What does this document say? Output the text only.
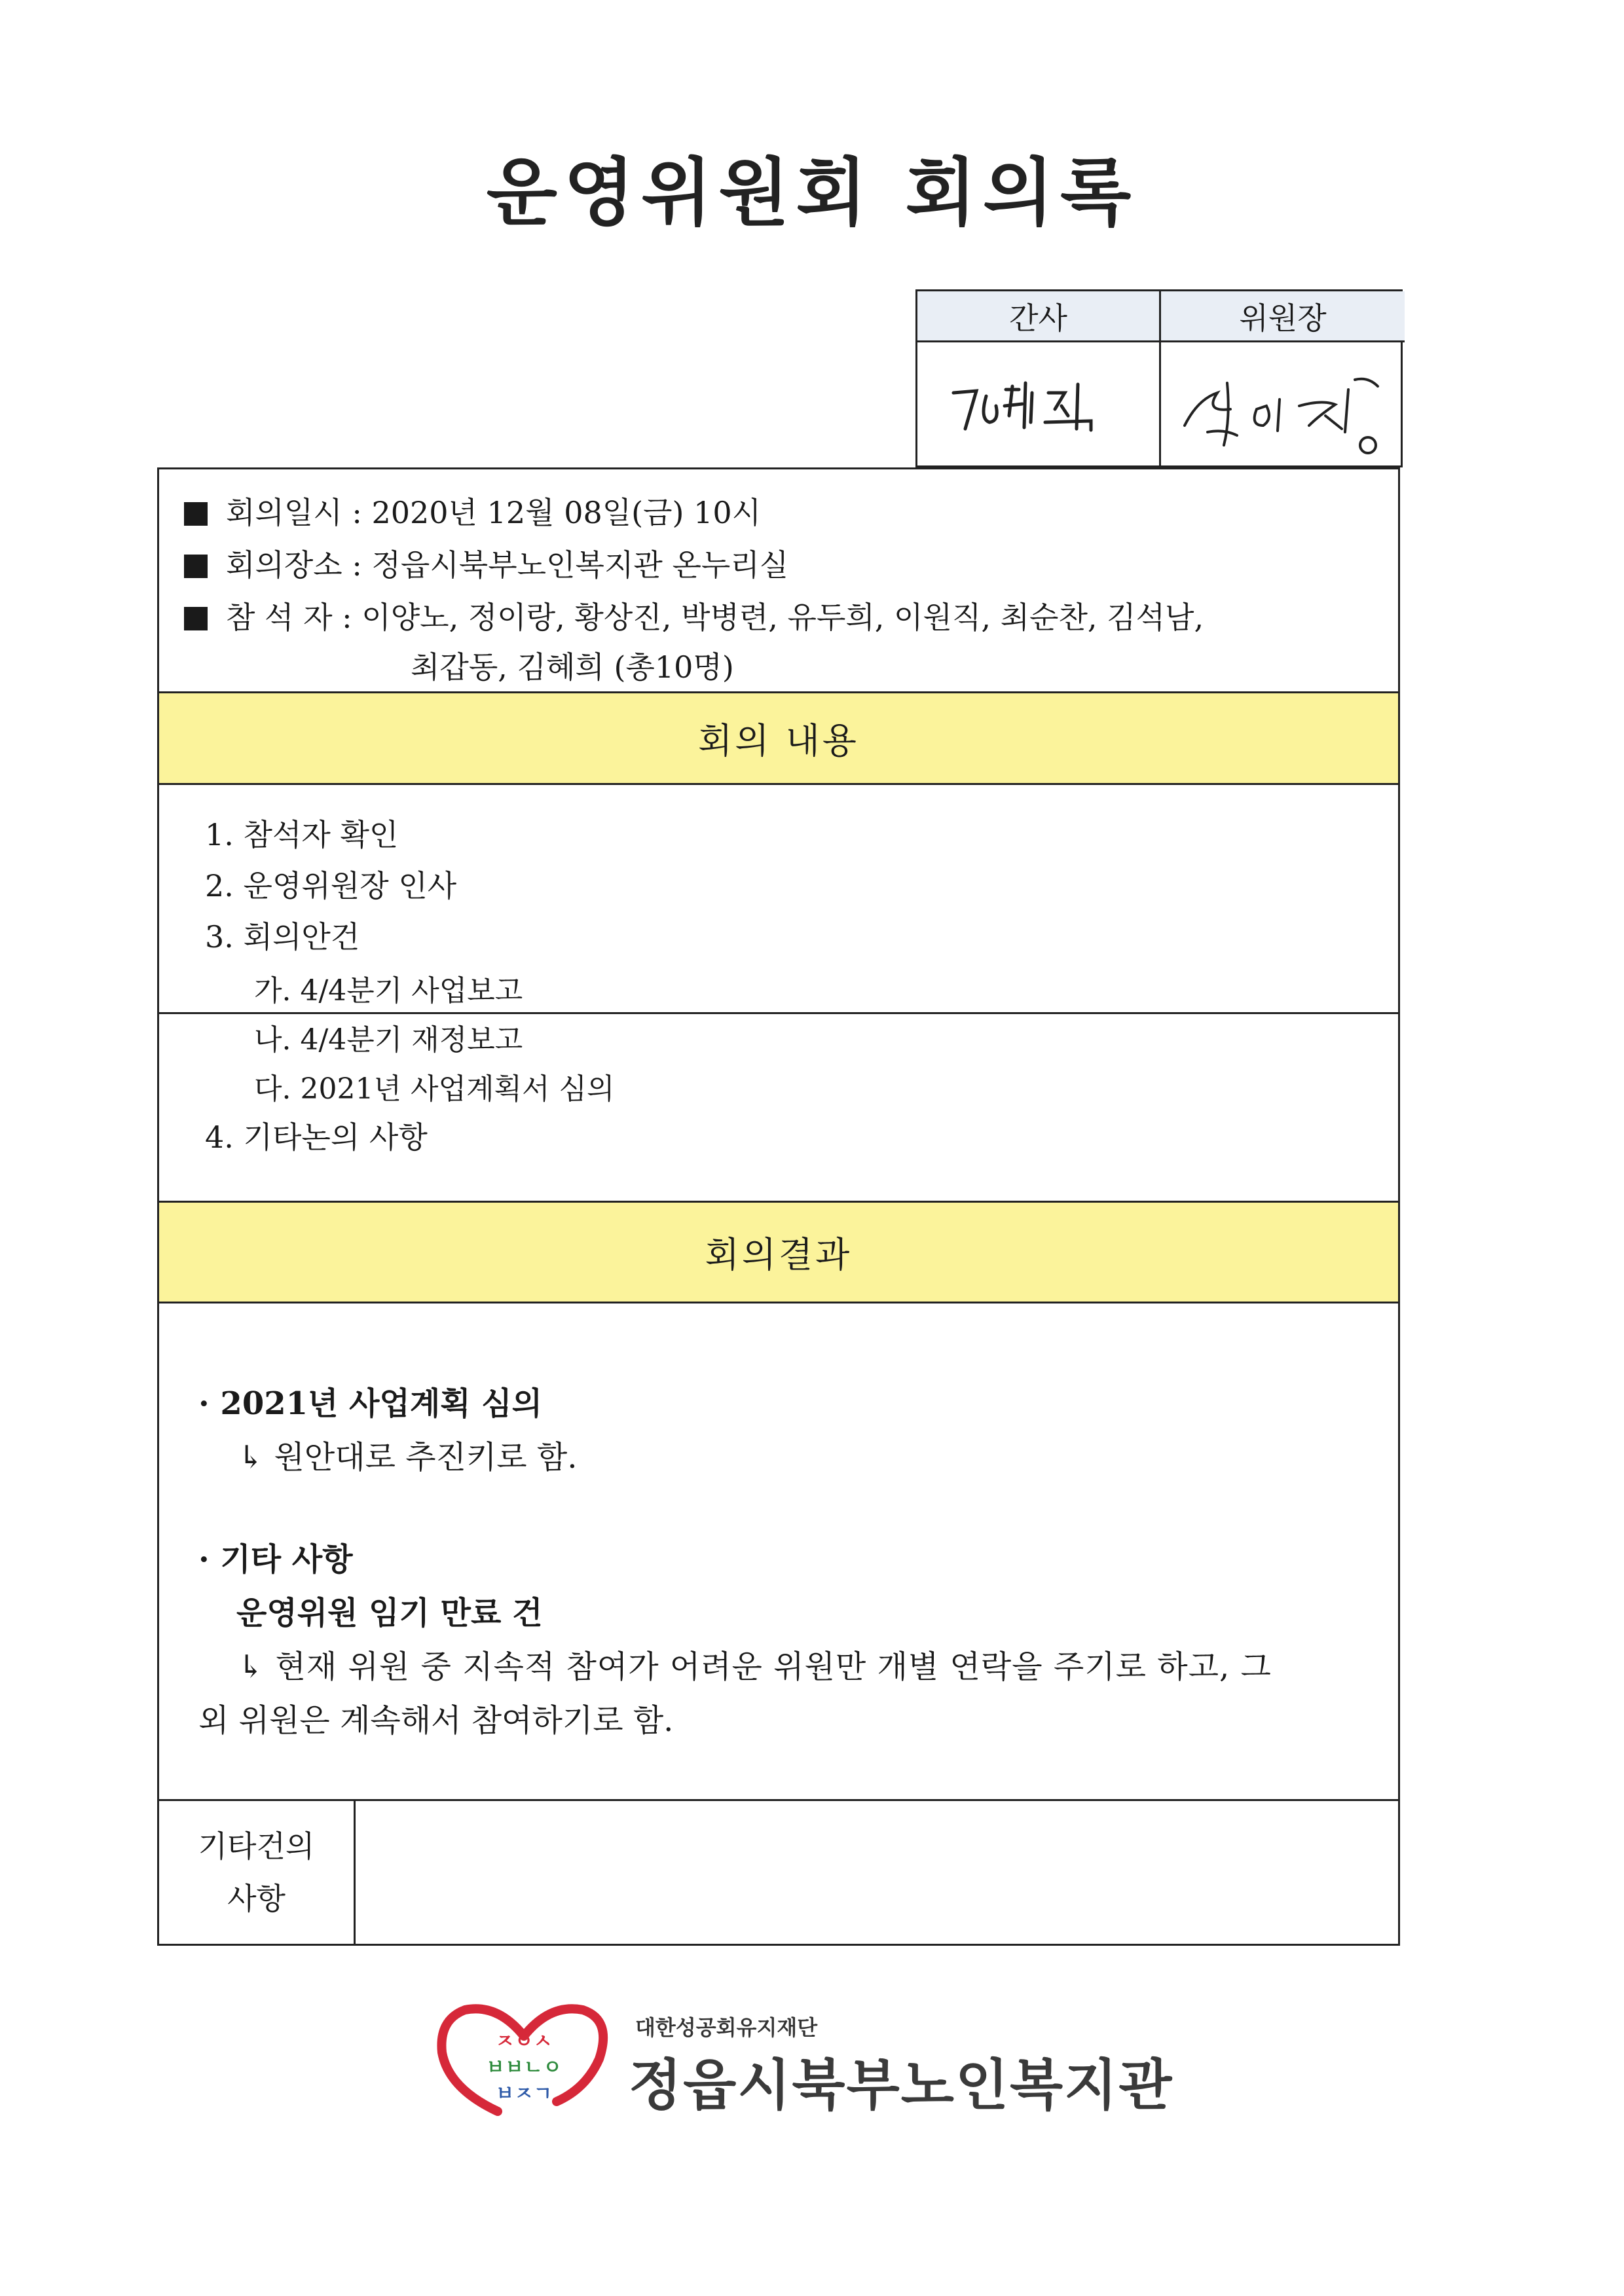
운영위원회 회의록
간사	위원장
회의일시 : 2020년 12월 08일(금) 10시
회의장소 : 정읍시북부노인복지관 온누리실
참 석 자 : 이양노, 정이랑, 황상진, 박병련, 유두희, 이원직, 최순찬, 김석남,
최갑동, 김혜희 (총10명)
회의 내용
1. 참석자 확인
2. 운영위원장 인사
3. 회의안건
가. 4/4분기 사업보고
나. 4/4분기 재정보고
다. 2021년 사업계획서 심의
4. 기타논의 사항
회의결과
· 2021년 사업계획 심의
↳ 원안대로 추진키로 함.
· 기타 사항
운영위원 임기 만료 건
↳ 현재 위원 중 지속적 참여가 어려운 위원만 개별 연락을 주기로 하고, 그
외 위원은 계속해서 참여하기로 함.
기타건의
사항
ㅈㅇㅅ
ㅂㅂㄴㅇ
ㅂㅈㄱ
대한성공회유지재단
정읍시북부노인복지관
